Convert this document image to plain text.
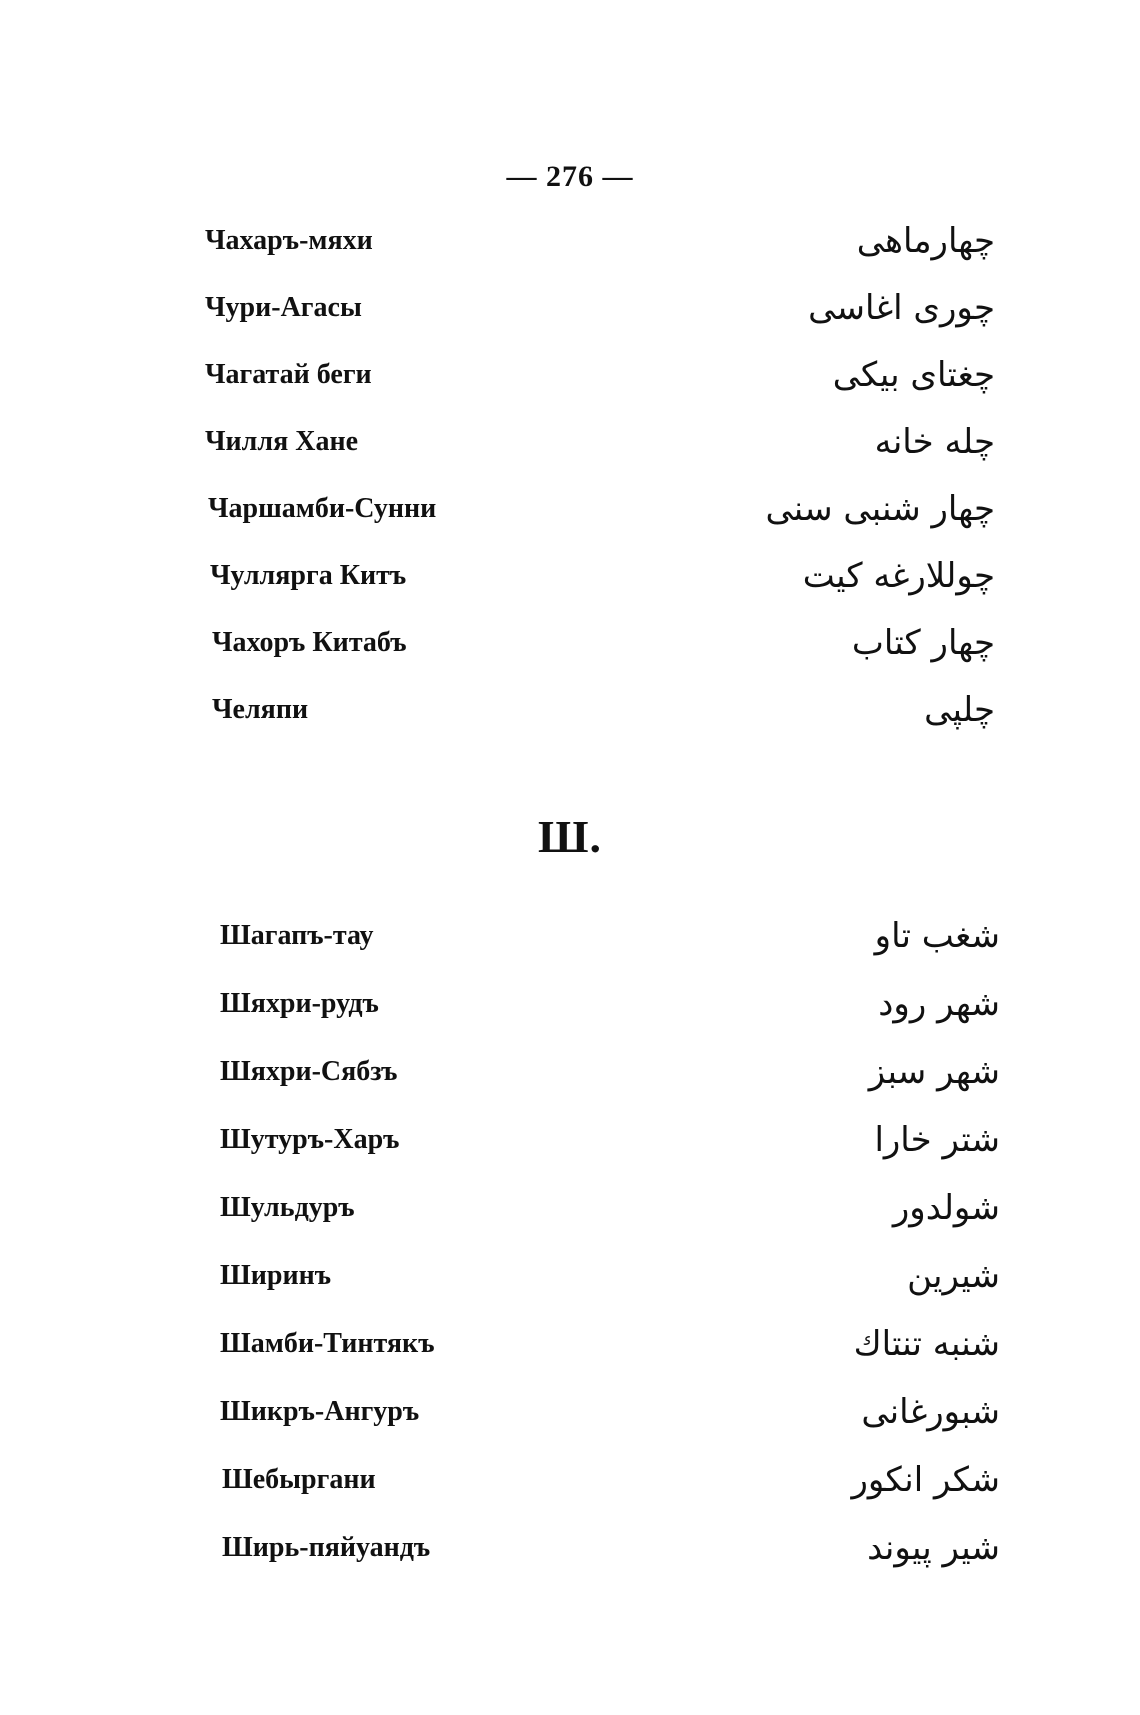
— 276 —
Чахаръ-мяхи	چهارماهی
Чури-Агасы	چوری اغاسی
Чагатай беги	چغتای بیکی
Чилля Хане	چله خانه
Чаршамби-Сунни	چهار شنبی سنی
Чуллярга Китъ	چوللارغه کیت
Чахоръ Китабъ	چهار کتاب
Челяпи	چلپی
Ш.
Шагапъ-тау	شغب تاو
Шяхри-рудъ	شهر رود
Шяхри-Сябзъ	شهر سبز
Шутуръ-Харъ	شتر خارا
Шульдуръ	شولدور
Ширинъ	شیرین
Шамби-Тинтякъ	شنبه تنتاك
Шикръ-Ангуръ	شبورغانی
Шебыргани	شکر انکور
Ширь-пяйуандъ	شیر پیوند
